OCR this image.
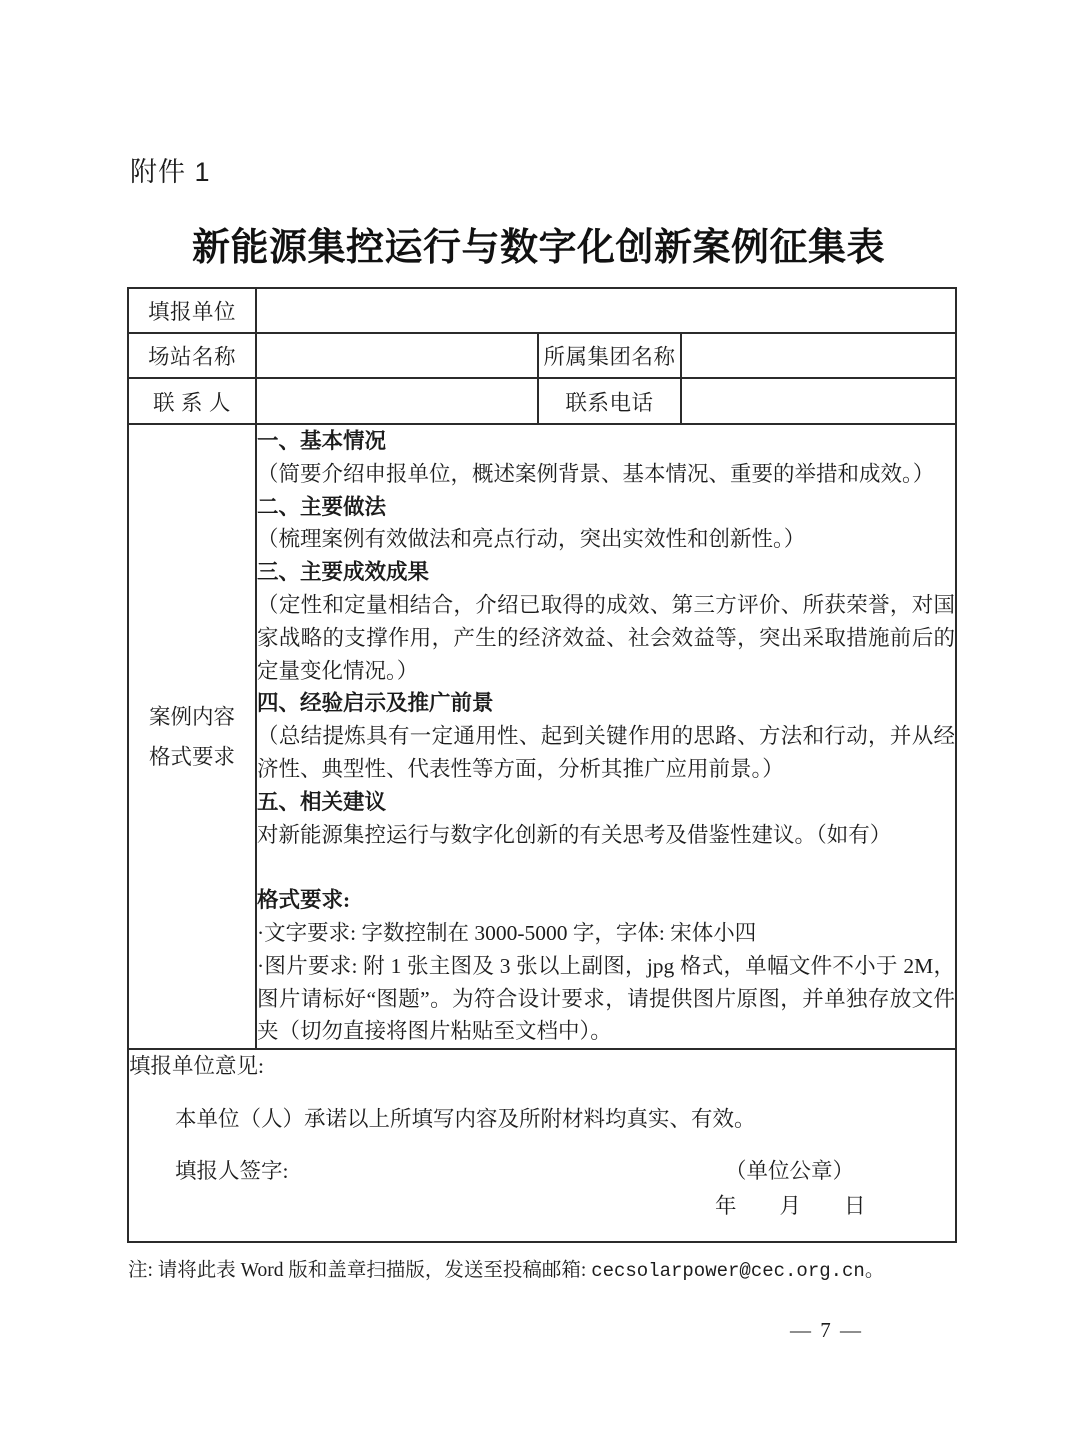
附件 1
新能源集控运行与数字化创新案例征集表
填报单位			
场站名称		所属集团名称	
联 系 人		联系电话	

案例内容
格式要求

一、基本情况

（简要介绍申报单位，概述案例背景、基本情况、重要的举措和成效。）

二、主要做法

（梳理案例有效做法和亮点行动，突出实效性和创新性。）

三、主要成效成果

（定性和定量相结合，介绍已取得的成效、第三方评价、所获荣誉，对国家战略的支撑作用，产生的经济效益、社会效益等，突出采取措施前后的定量变化情况。）

四、经验启示及推广前景

（总结提炼具有一定通用性、起到关键作用的思路、方法和行动，并从经济性、典型性、代表性等方面，分析其推广应用前景。）

五、相关建议

对新能源集控运行与数字化创新的有关思考及借鉴性建议。（如有）

格式要求:

·文字要求: 字数控制在 3000-5000 字，字体: 宋体小四

·图片要求: 附 1 张主图及 3 张以上副图，jpg 格式，单幅文件不小于 2M，图片请标好“图题”。为符合设计要求，请提供图片原图，并单独存放文件夹（切勿直接将图片粘贴至文档中）。

填报单位意见:

本单位（人）承诺以上所填写内容及所附材料均真实、有效。

填报人签字: （单位公章）
年　　月　　日			

注: 请将此表 Word 版和盖章扫描版，发送至投稿邮箱: cecsolarpower@cec.org.cn。

— 7 —
